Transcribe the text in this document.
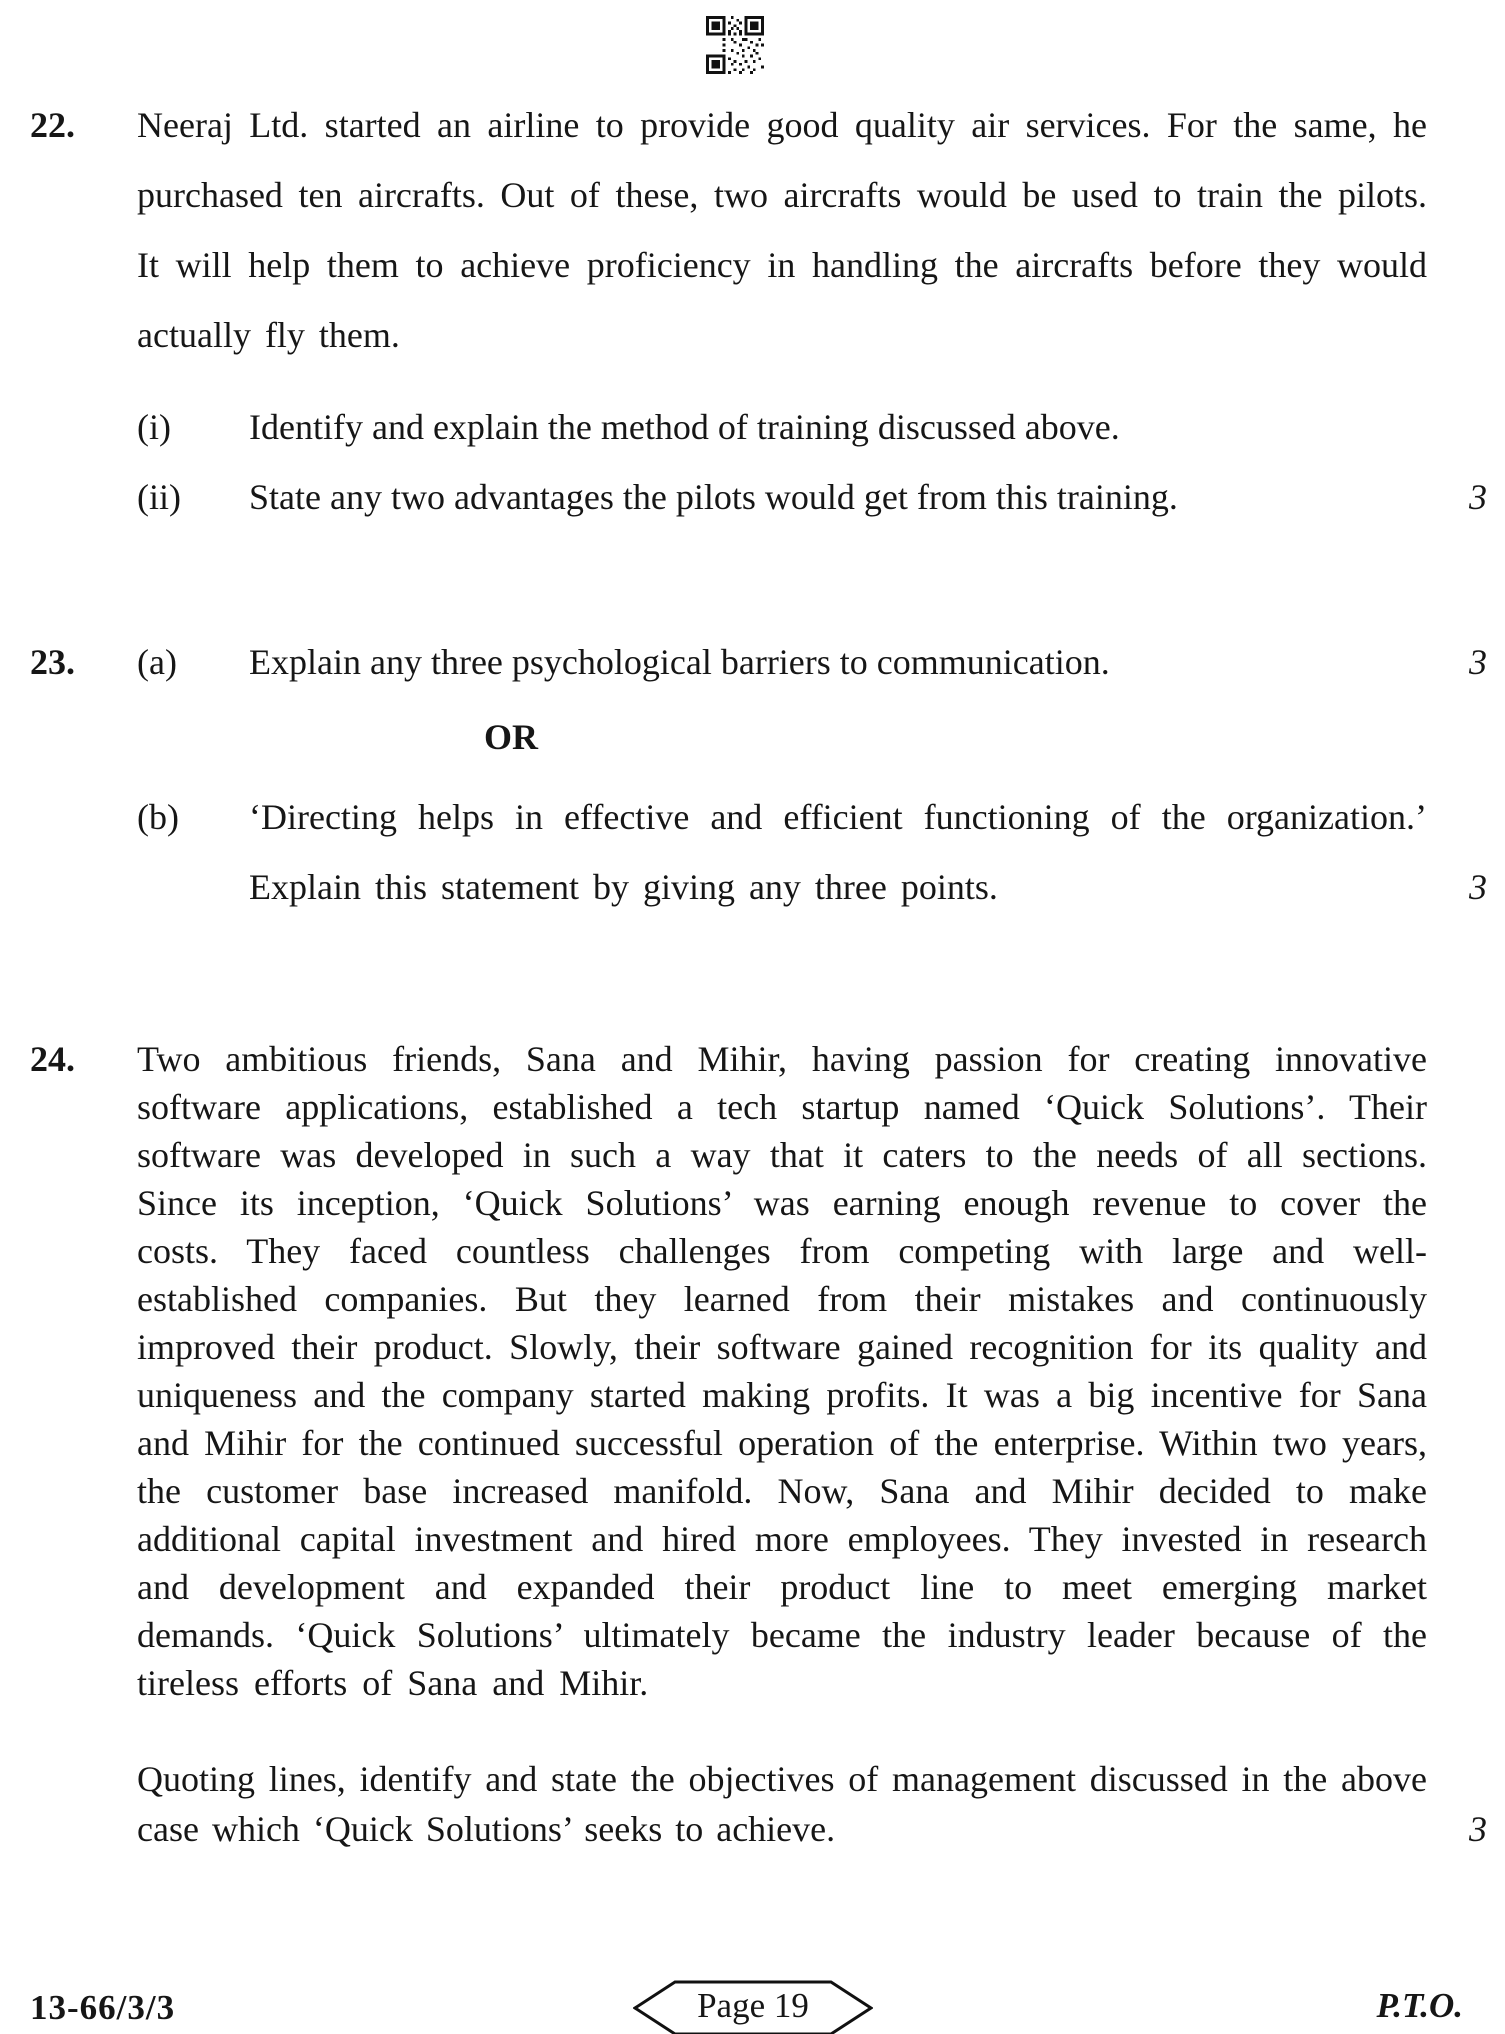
22.	Neeraj Ltd. started an airline to provide good quality air services. For the same, he purchased ten aircrafts. Out of these, two aircrafts would be used to train the pilots. It will help them to achieve proficiency in handling the aircrafts before they would actually fly them.
(i)	Identify and explain the method of training discussed above.
(ii)	State any two advantages the pilots would get from this training.	3
23.	(a)	Explain any three psychological barriers to communication.	3
OR
(b)	‘Directing helps in effective and efficient functioning of the organization.’ Explain this statement by giving any three points.	3
24.	Two ambitious friends, Sana and Mihir, having passion for creating innovative software applications, established a tech startup named ‘Quick Solutions’. Their software was developed in such a way that it caters to the needs of all sections. Since its inception, ‘Quick Solutions’ was earning enough revenue to cover the costs. They faced countless challenges from competing with large and well-established companies. But they learned from their mistakes and continuously improved their product. Slowly, their software gained recognition for its quality and uniqueness and the company started making profits. It was a big incentive for Sana and Mihir for the continued successful operation of the enterprise. Within two years, the customer base increased manifold. Now, Sana and Mihir decided to make additional capital investment and hired more employees. They invested in research and development and expanded their product line to meet emerging market demands. ‘Quick Solutions’ ultimately became the industry leader because of the tireless efforts of Sana and Mihir.
Quoting lines, identify and state the objectives of management discussed in the above case which ‘Quick Solutions’ seeks to achieve.	3
13-66/3/3	Page 19	P.T.O.
